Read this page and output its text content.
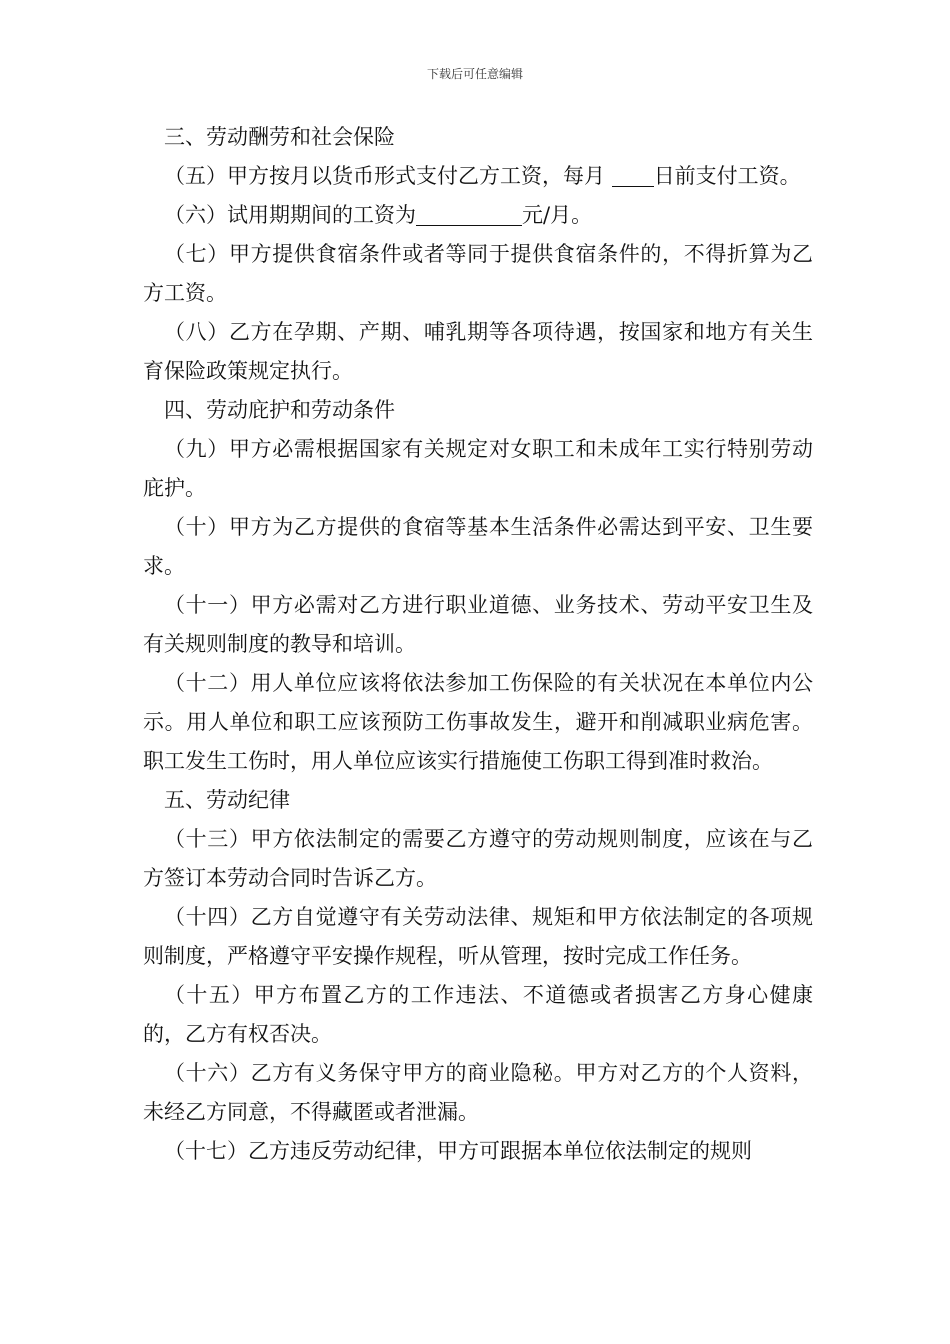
下载后可任意编辑

三、劳动酬劳和社会保险

（五）甲方按月以货币形式支付乙方工资，每月 日前支付工资。

（六）试用期期间的工资为	元/月。

（七）甲方提供食宿条件或者等同于提供食宿条件的，不得折算为乙方工资。

（八）乙方在孕期、产期、哺乳期等各项待遇，按国家和地方有关生育保险政策规定执行。

四、劳动庇护和劳动条件

（九）甲方必需根据国家有关规定对女职工和未成年工实行特别劳动庇护。

（十）甲方为乙方提供的食宿等基本生活条件必需达到平安、卫生要求。

（十一）甲方必需对乙方进行职业道德、业务技术、劳动平安卫生及有关规则制度的教导和培训。

（十二）用人单位应该将依法参加工伤保险的有关状况在本单位内公示。用人单位和职工应该预防工伤事故发生，避开和削减职业病危害。职工发生工伤时，用人单位应该实行措施使工伤职工得到准时救治。

五、劳动纪律

（十三）甲方依法制定的需要乙方遵守的劳动规则制度，应该在与乙方签订本劳动合同时告诉乙方。

（十四）乙方自觉遵守有关劳动法律、规矩和甲方依法制定的各项规则制度，严格遵守平安操作规程，听从管理，按时完成工作任务。

（十五）甲方布置乙方的工作违法、不道德或者损害乙方身心健康的，乙方有权否决。

（十六）乙方有义务保守甲方的商业隐秘。甲方对乙方的个人资料，未经乙方同意，不得藏匿或者泄漏。

（十七）乙方违反劳动纪律，甲方可跟据本单位依法制定的规则
